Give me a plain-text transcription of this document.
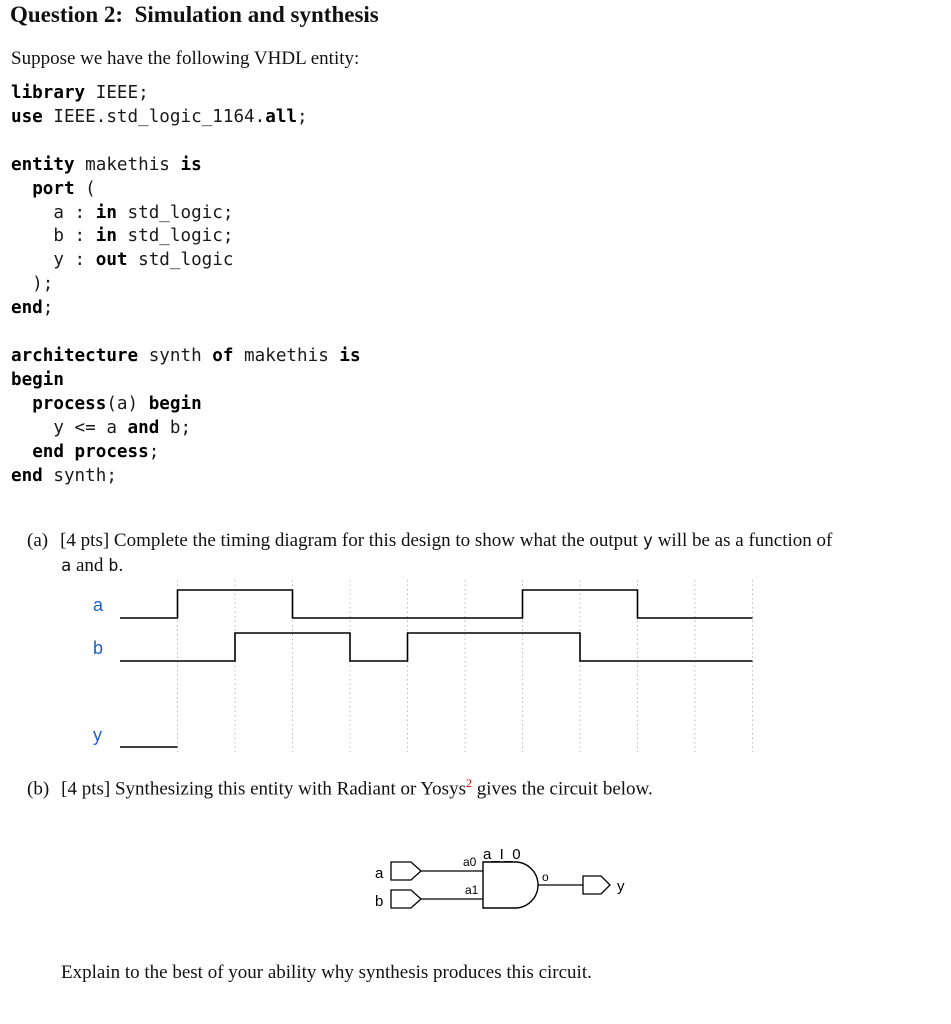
Question 2:  Simulation and synthesis
Suppose we have the following VHDL entity:
library IEEE;
use IEEE.std_logic_1164.all;

entity makethis is
port (
a : in std_logic;
b : in std_logic;
y : out std_logic
);
end;

architecture synth of makethis is
begin
process(a) begin
y <= a and b;
end process;
end synth;

(a) [4 pts] Complete the timing diagram for this design to show what the output y will be as a function of
a and b.
a
b
y
(b) [4 pts] Synthesizing this entity with Radiant or Yosys$^2$ gives the circuit below.
a
b
a_I_0
a0
a1
o
y
Explain to the best of your ability why synthesis produces this circuit.
